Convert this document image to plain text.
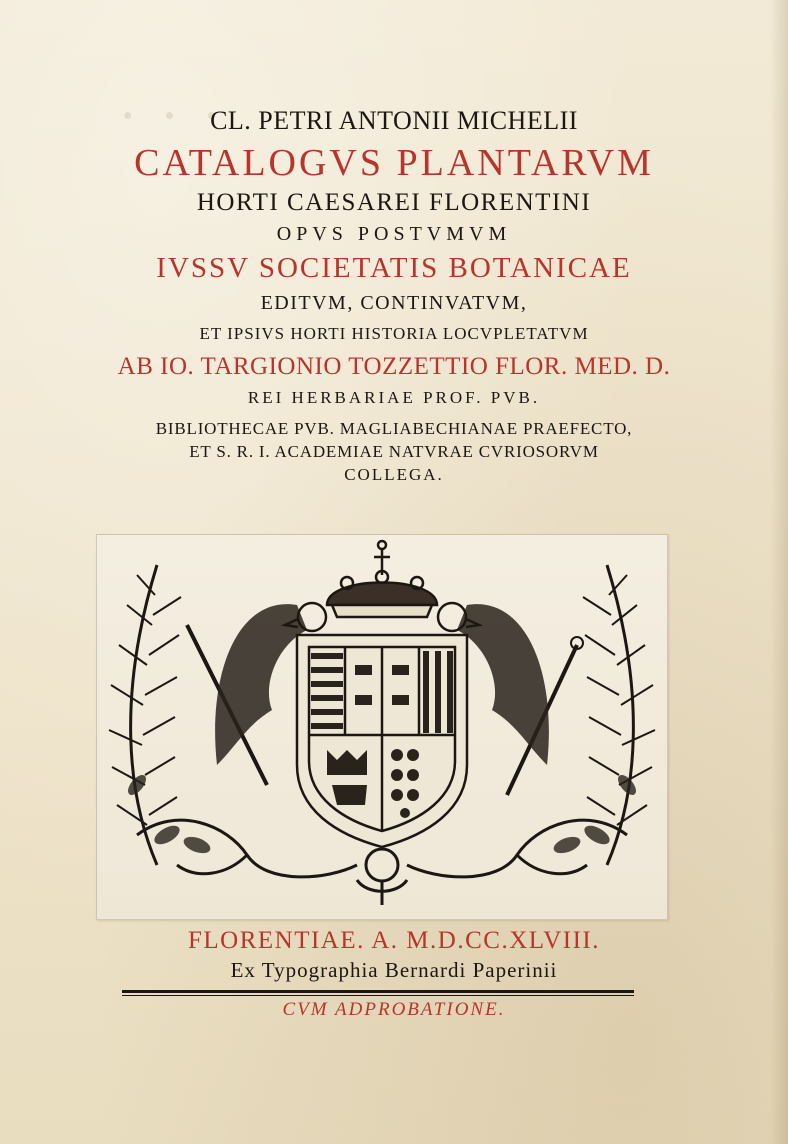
· · ·
CL. PETRI ANTONII MICHELII
CATALOGVS PLANTARVM
HORTI CAESAREI FLORENTINI
OPVS POSTVMVM
IVSSV SOCIETATIS BOTANICAE
EDITVM, CONTINVATVM,
ET IPSIVS HORTI HISTORIA LOCVPLETATVM
AB IO. TARGIONIO TOZZETTIO FLOR. MED. D.
REI HERBARIAE PROF. PVB.
BIBLIOTHECAE PVB. MAGLIABECHIANAE PRAEFECTO,
ET S. R. I. ACADEMIAE NATVRAE CVRIOSORVM
COLLEGA.
FLORENTIAE. A. M.D.CC.XLVIII.
Ex Typographia Bernardi Paperinii
CVM ADPROBATIONE.
